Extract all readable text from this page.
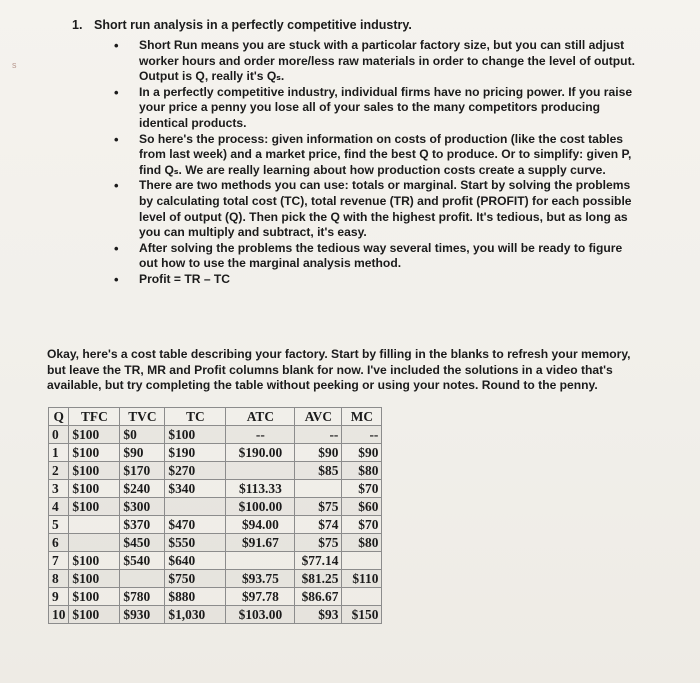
s
1. Short run analysis in a perfectly competitive industry.
• Short Run means you are stuck with a particolar factory size, but you can still adjust worker hours and order more/less raw materials in order to change the level of output. Output is Q, really it's Qₛ.
• In a perfectly competitive industry, individual firms have no pricing power. If you raise your price a penny you lose all of your sales to the many competitors producing identical products.
• So here's the process: given information on costs of production (like the cost tables from last week) and a market price, find the best Q to produce. Or to simplify: given P, find Qₛ. We are really learning about how production costs create a supply curve.
• There are two methods you can use: totals or marginal. Start by solving the problems by calculating total cost (TC), total revenue (TR) and profit (PROFIT) for each possible level of output (Q). Then pick the Q with the highest profit. It's tedious, but as long as you can multiply and subtract, it's easy.
• After solving the problems the tedious way several times, you will be ready to figure out how to use the marginal analysis method.
• Profit = TR – TC
Okay, here's a cost table describing your factory. Start by filling in the blanks to refresh your memory, but leave the TR, MR and Profit columns blank for now. I've included the solutions in a video that's available, but try completing the table without peeking or using your notes. Round to the penny.
Q	TFC	TVC	TC	ATC	AVC	MC
0	$100	$0	$100	--	--	--
1	$100	$90	$190	$190.00	$90	$90
2	$100	$170	$270		$85	$80
3	$100	$240	$340	$113.33		$70
4	$100	$300		$100.00	$75	$60
5		$370	$470	$94.00	$74	$70
6		$450	$550	$91.67	$75	$80
7	$100	$540	$640		$77.14	
8	$100		$750	$93.75	$81.25	$110
9	$100	$780	$880	$97.78	$86.67	
10	$100	$930	$1,030	$103.00	$93	$150
